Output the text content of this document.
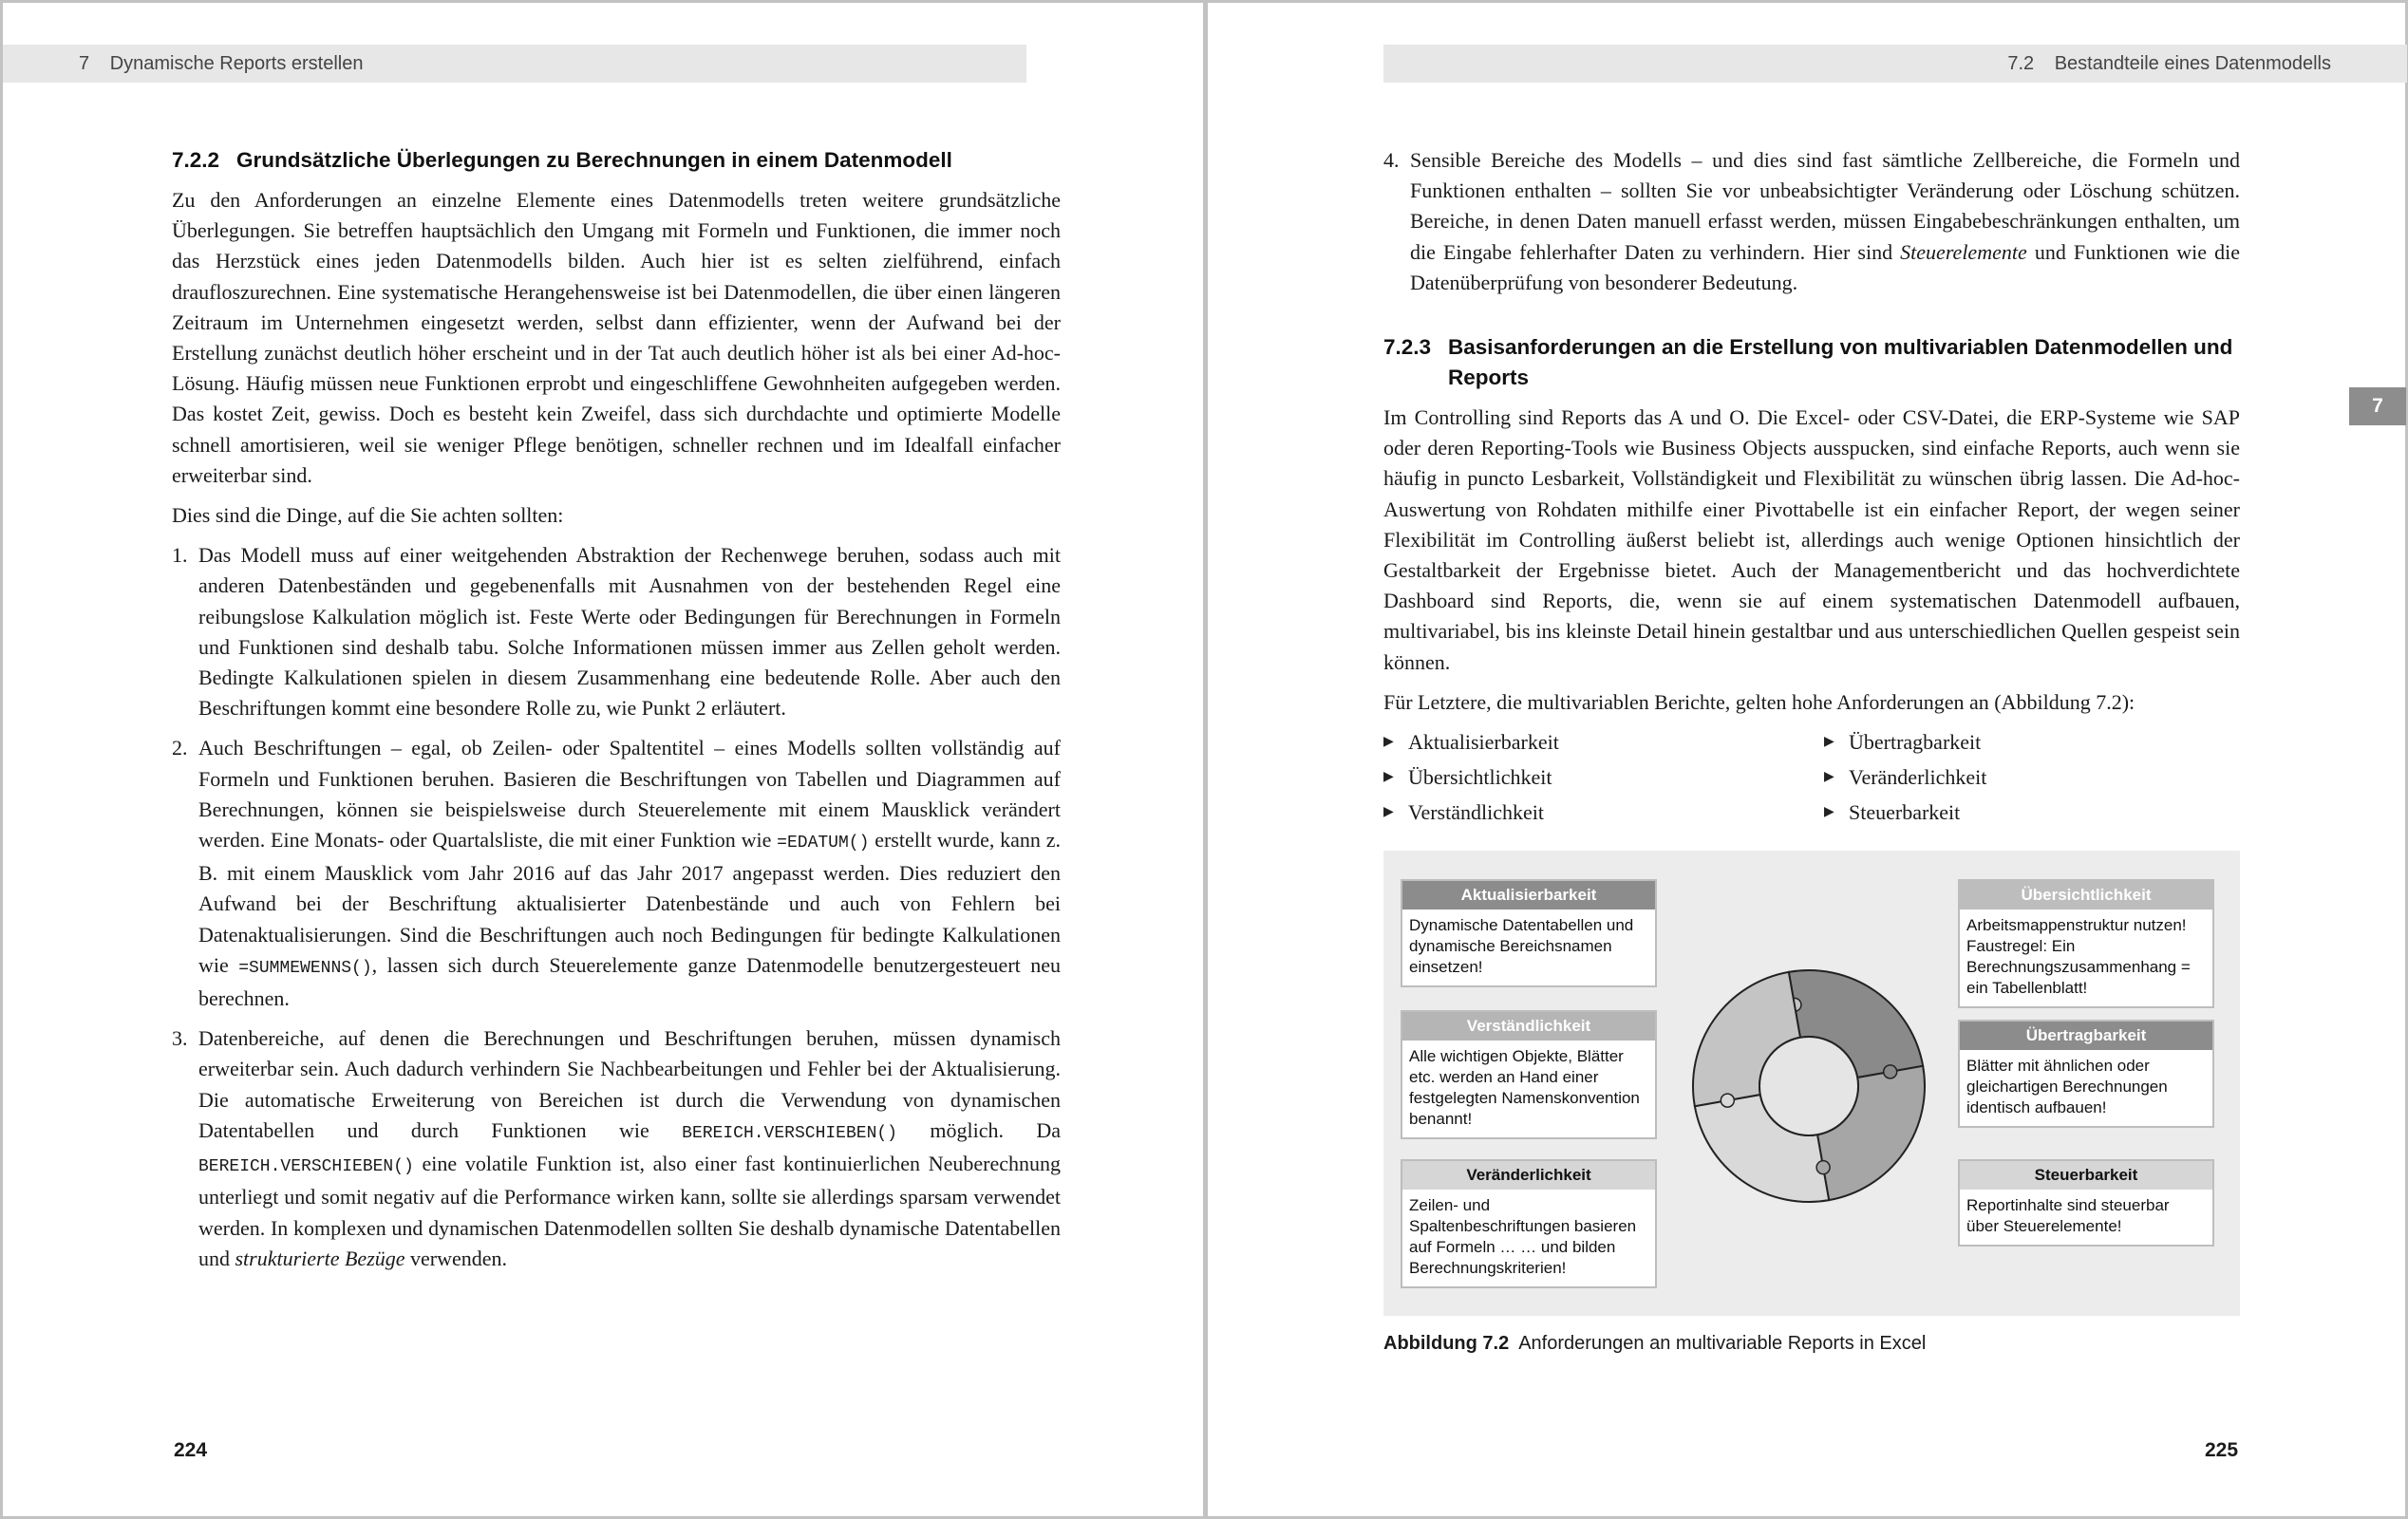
7 Dynamische Reports erstellen
7.2.2 Grundsätzliche Überlegungen zu Berechnungen in einem Datenmodell

Zu den Anforderungen an einzelne Elemente eines Datenmodells treten weitere grundsätzliche Überlegungen. Sie betreffen hauptsächlich den Umgang mit Formeln und Funktionen, die immer noch das Herzstück eines jeden Datenmodells bilden. Auch hier ist es selten zielführend, einfach draufloszurechnen. Eine systematische Herangehensweise ist bei Datenmodellen, die über einen längeren Zeitraum im Unternehmen eingesetzt werden, selbst dann effizienter, wenn der Aufwand bei der Erstellung zunächst deutlich höher erscheint und in der Tat auch deutlich höher ist als bei einer Ad-hoc-Lösung. Häufig müssen neue Funktionen erprobt und eingeschliffene Gewohnheiten aufgegeben werden. Das kostet Zeit, gewiss. Doch es besteht kein Zweifel, dass sich durchdachte und optimierte Modelle schnell amortisieren, weil sie weniger Pflege benötigen, schneller rechnen und im Idealfall einfacher erweiterbar sind.

Dies sind die Dinge, auf die Sie achten sollten:

1. Das Modell muss auf einer weitgehenden Abstraktion der Rechenwege beruhen, sodass auch mit anderen Datenbeständen und gegebenenfalls mit Ausnahmen von der bestehenden Regel eine reibungslose Kalkulation möglich ist. Feste Werte oder Bedingungen für Berechnungen in Formeln und Funktionen sind deshalb tabu. Solche Informationen müssen immer aus Zellen geholt werden. Bedingte Kalkulationen spielen in diesem Zusammenhang eine bedeutende Rolle. Aber auch den Beschriftungen kommt eine besondere Rolle zu, wie Punkt 2 erläutert.
2. Auch Beschriftungen – egal, ob Zeilen- oder Spaltentitel – eines Modells sollten vollständig auf Formeln und Funktionen beruhen. Basieren die Beschriftungen von Tabellen und Diagrammen auf Berechnungen, können sie beispielsweise durch Steuerelemente mit einem Mausklick verändert werden. Eine Monats- oder Quartalsliste, die mit einer Funktion wie =EDATUM() erstellt wurde, kann z. B. mit einem Mausklick vom Jahr 2016 auf das Jahr 2017 angepasst werden. Dies reduziert den Aufwand bei der Beschriftung aktualisierter Datenbestände und auch von Fehlern bei Datenaktualisierungen. Sind die Beschriftungen auch noch Bedingungen für bedingte Kalkulationen wie =SUMMEWENNS(), lassen sich durch Steuerelemente ganze Datenmodelle benutzergesteuert neu berechnen.
3. Datenbereiche, auf denen die Berechnungen und Beschriftungen beruhen, müssen dynamisch erweiterbar sein. Auch dadurch verhindern Sie Nachbearbeitungen und Fehler bei der Aktualisierung. Die automatische Erweiterung von Bereichen ist durch die Verwendung von dynamischen Datentabellen und durch Funktionen wie BEREICH.VERSCHIEBEN() möglich. Da BEREICH.VERSCHIEBEN() eine volatile Funktion ist, also einer fast kontinuierlichen Neuberechnung unterliegt und somit negativ auf die Performance wirken kann, sollte sie allerdings sparsam verwendet werden. In komplexen und dynamischen Datenmodellen sollten Sie deshalb dynamische Datentabellen und strukturierte Bezüge verwenden.
224
7.2 Bestandteile eines Datenmodells
7
4. Sensible Bereiche des Modells – und dies sind fast sämtliche Zellbereiche, die Formeln und Funktionen enthalten – sollten Sie vor unbeabsichtigter Veränderung oder Löschung schützen. Bereiche, in denen Daten manuell erfasst werden, müssen Eingabebeschränkungen enthalten, um die Eingabe fehlerhafter Daten zu verhindern. Hier sind Steuerelemente und Funktionen wie die Datenüberprüfung von besonderer Bedeutung.
7.2.3 Basisanforderungen an die Erstellung von multivariablen Datenmodellen und Reports

Im Controlling sind Reports das A und O. Die Excel- oder CSV-Datei, die ERP-Systeme wie SAP oder deren Reporting-Tools wie Business Objects ausspucken, sind einfache Reports, auch wenn sie häufig in puncto Lesbarkeit, Vollständigkeit und Flexibilität zu wünschen übrig lassen. Die Ad-hoc-Auswertung von Rohdaten mithilfe einer Pivottabelle ist ein einfacher Report, der wegen seiner Flexibilität im Controlling äußerst beliebt ist, allerdings auch wenige Optionen hinsichtlich der Gestaltbarkeit der Ergebnisse bietet. Auch der Managementbericht und das hochverdichtete Dashboard sind Reports, die, wenn sie auf einem systematischen Datenmodell aufbauen, multivariabel, bis ins kleinste Detail hinein gestaltbar und aus unterschiedlichen Quellen gespeist sein können.

Für Letztere, die multivariablen Berichte, gelten hohe Anforderungen an (Abbildung 7.2):

▶ Aktualisierbarkeit	▶ Übertragbarkeit
▶ Übersichtlichkeit	▶ Veränderlichkeit
▶ Verständlichkeit	▶ Steuerbarkeit
Aktualisierbarkeit
Dynamische Datentabellen und dynamische Bereichsnamen einsetzen!
Verständlichkeit
Alle wichtigen Objekte, Blätter etc. werden an Hand einer festgelegten Namenskonvention benannt!
Veränderlichkeit
Zeilen- und Spaltenbeschriftungen basieren auf Formeln … … und bilden Berechnungskriterien!
Übersichtlichkeit
Arbeitsmappenstruktur nutzen! Faustregel: Ein Berechnungszusammenhang = ein Tabellenblatt!
Übertragbarkeit
Blätter mit ähnlichen oder gleichartigen Berechnungen identisch aufbauen!
Steuerbarkeit
Reportinhalte sind steuerbar über Steuerelemente!
Abbildung 7.2 Anforderungen an multivariable Reports in Excel
225
